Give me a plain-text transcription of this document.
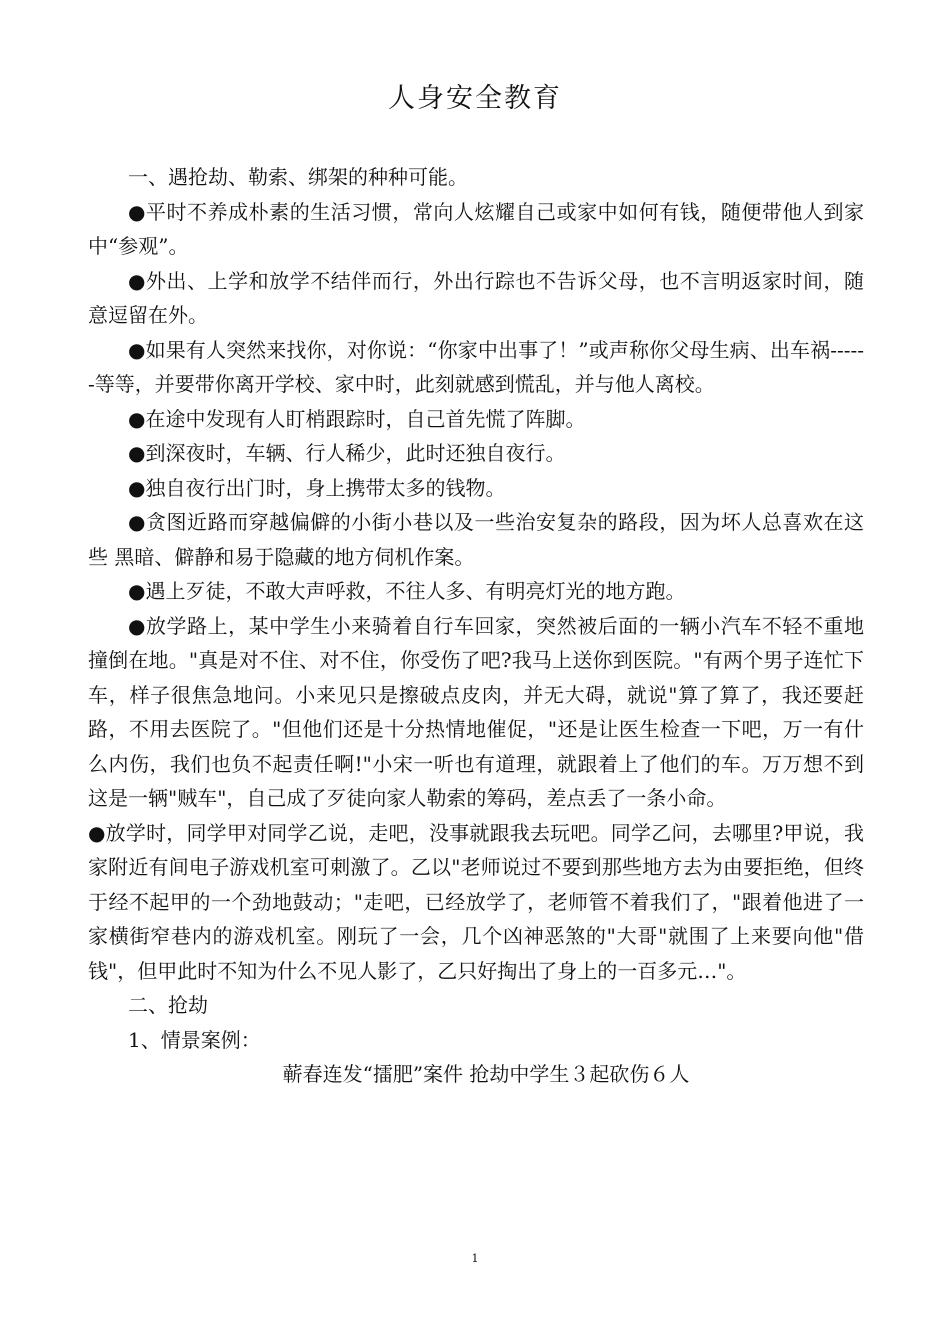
人身安全教育

一、遇抢劫、勒索、绑架的种种可能。

●平时不养成朴素的生活习惯，常向人炫耀自己或家中如何有钱，随便带他人到家中“参观”。

●外出、上学和放学不结伴而行，外出行踪也不告诉父母，也不言明返家时间，随意逗留在外。

●如果有人突然来找你，对你说：“你家中出事了！”或声称你父母生病、出车祸------等等，并要带你离开学校、家中时，此刻就感到慌乱，并与他人离校。

●在途中发现有人盯梢跟踪时，自己首先慌了阵脚。

●到深夜时，车辆、行人稀少，此时还独自夜行。

●独自夜行出门时，身上携带太多的钱物。

●贪图近路而穿越偏僻的小街小巷以及一些治安复杂的路段，因为坏人总喜欢在这些 黑暗、僻静和易于隐藏的地方伺机作案。

●遇上歹徒，不敢大声呼救，不往人多、有明亮灯光的地方跑。

●放学路上，某中学生小来骑着自行车回家，突然被后面的一辆小汽车不轻不重地撞倒在地。"真是对不住、对不住，你受伤了吧?我马上送你到医院。"有两个男子连忙下车，样子很焦急地问。小来见只是擦破点皮肉，并无大碍，就说"算了算了，我还要赶路，不用去医院了。"但他们还是十分热情地催促，"还是让医生检查一下吧，万一有什么内伤，我们也负不起责任啊!"小宋一听也有道理，就跟着上了他们的车。万万想不到这是一辆"贼车"，自己成了歹徒向家人勒索的筹码，差点丢了一条小命。

●放学时，同学甲对同学乙说，走吧，没事就跟我去玩吧。同学乙问，去哪里?甲说，我家附近有间电子游戏机室可刺激了。乙以"老师说过不要到那些地方去为由要拒绝，但终于经不起甲的一个劲地鼓动；"走吧，已经放学了，老师管不着我们了，"跟着他进了一家横街窄巷内的游戏机室。刚玩了一会，几个凶神恶煞的"大哥"就围了上来要向他"借钱"，但甲此时不知为什么不见人影了，乙只好掏出了身上的一百多元…"。

二、抢劫

1、情景案例：

蕲春连发“擂肥”案件 抢劫中学生３起砍伤６人

1
